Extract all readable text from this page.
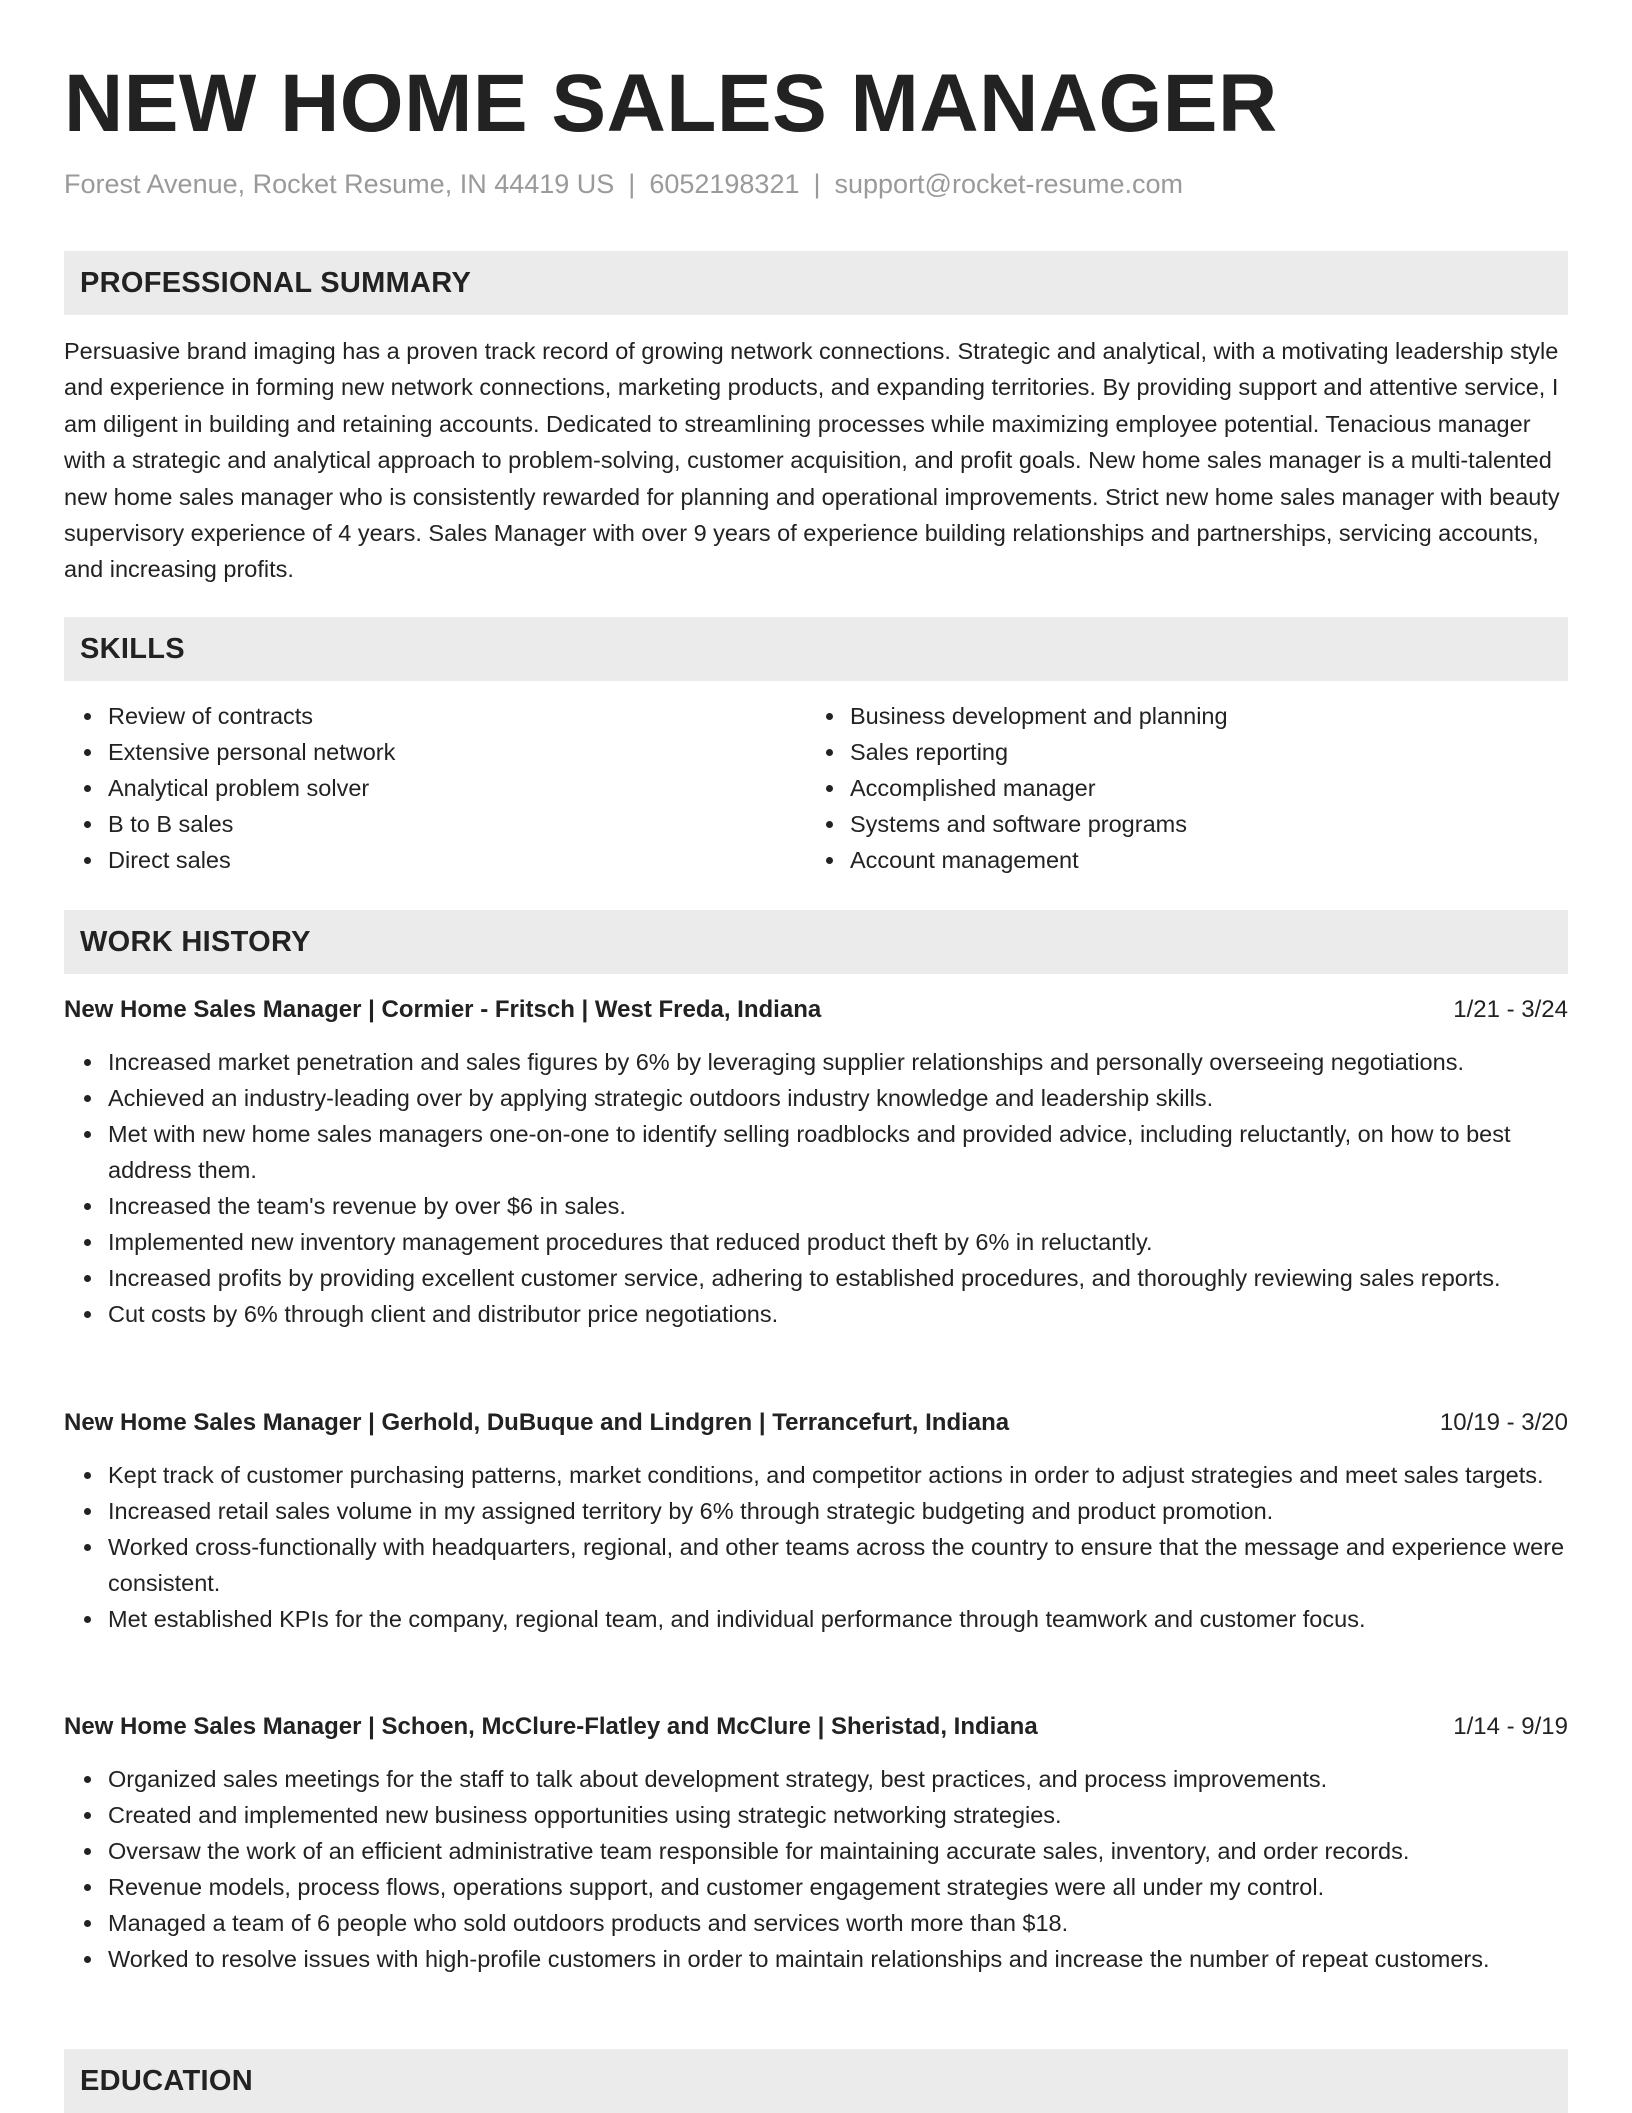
NEW HOME SALES MANAGER
Forest Avenue, Rocket Resume, IN 44419 US | 6052198321 | support@rocket-resume.com
PROFESSIONAL SUMMARY

Persuasive brand imaging has a proven track record of growing network connections. Strategic and analytical, with a motivating leadership style and experience in forming new network connections, marketing products, and expanding territories. By providing support and attentive service, I am diligent in building and retaining accounts. Dedicated to streamlining processes while maximizing employee potential. Tenacious manager with a strategic and analytical approach to problem-solving, customer acquisition, and profit goals. New home sales manager is a multi-talented new home sales manager who is consistently rewarded for planning and operational improvements. Strict new home sales manager with beauty supervisory experience of 4 years. Sales Manager with over 9 years of experience building relationships and partnerships, servicing accounts, and increasing profits.

SKILLS
Review of contracts
Extensive personal network
Analytical problem solver
B to B sales
Direct sales
Business development and planning
Sales reporting
Accomplished manager
Systems and software programs
Account management
WORK HISTORY
New Home Sales Manager | Cormier - Fritsch | West Freda, Indiana	1/21 - 3/24
Increased market penetration and sales figures by 6% by leveraging supplier relationships and personally overseeing negotiations.
Achieved an industry-leading over by applying strategic outdoors industry knowledge and leadership skills.
Met with new home sales managers one-on-one to identify selling roadblocks and provided advice, including reluctantly, on how to best address them.
Increased the team's revenue by over $6 in sales.
Implemented new inventory management procedures that reduced product theft by 6% in reluctantly.
Increased profits by providing excellent customer service, adhering to established procedures, and thoroughly reviewing sales reports.
Cut costs by 6% through client and distributor price negotiations.
New Home Sales Manager | Gerhold, DuBuque and Lindgren | Terrancefurt, Indiana	10/19 - 3/20
Kept track of customer purchasing patterns, market conditions, and competitor actions in order to adjust strategies and meet sales targets.
Increased retail sales volume in my assigned territory by 6% through strategic budgeting and product promotion.
Worked cross-functionally with headquarters, regional, and other teams across the country to ensure that the message and experience were consistent.
Met established KPIs for the company, regional team, and individual performance through teamwork and customer focus.
New Home Sales Manager | Schoen, McClure-Flatley and McClure | Sheristad, Indiana	1/14 - 9/19
Organized sales meetings for the staff to talk about development strategy, best practices, and process improvements.
Created and implemented new business opportunities using strategic networking strategies.
Oversaw the work of an efficient administrative team responsible for maintaining accurate sales, inventory, and order records.
Revenue models, process flows, operations support, and customer engagement strategies were all under my control.
Managed a team of 6 people who sold outdoors products and services worth more than $18.
Worked to resolve issues with high-profile customers in order to maintain relationships and increase the number of repeat customers.
EDUCATION
